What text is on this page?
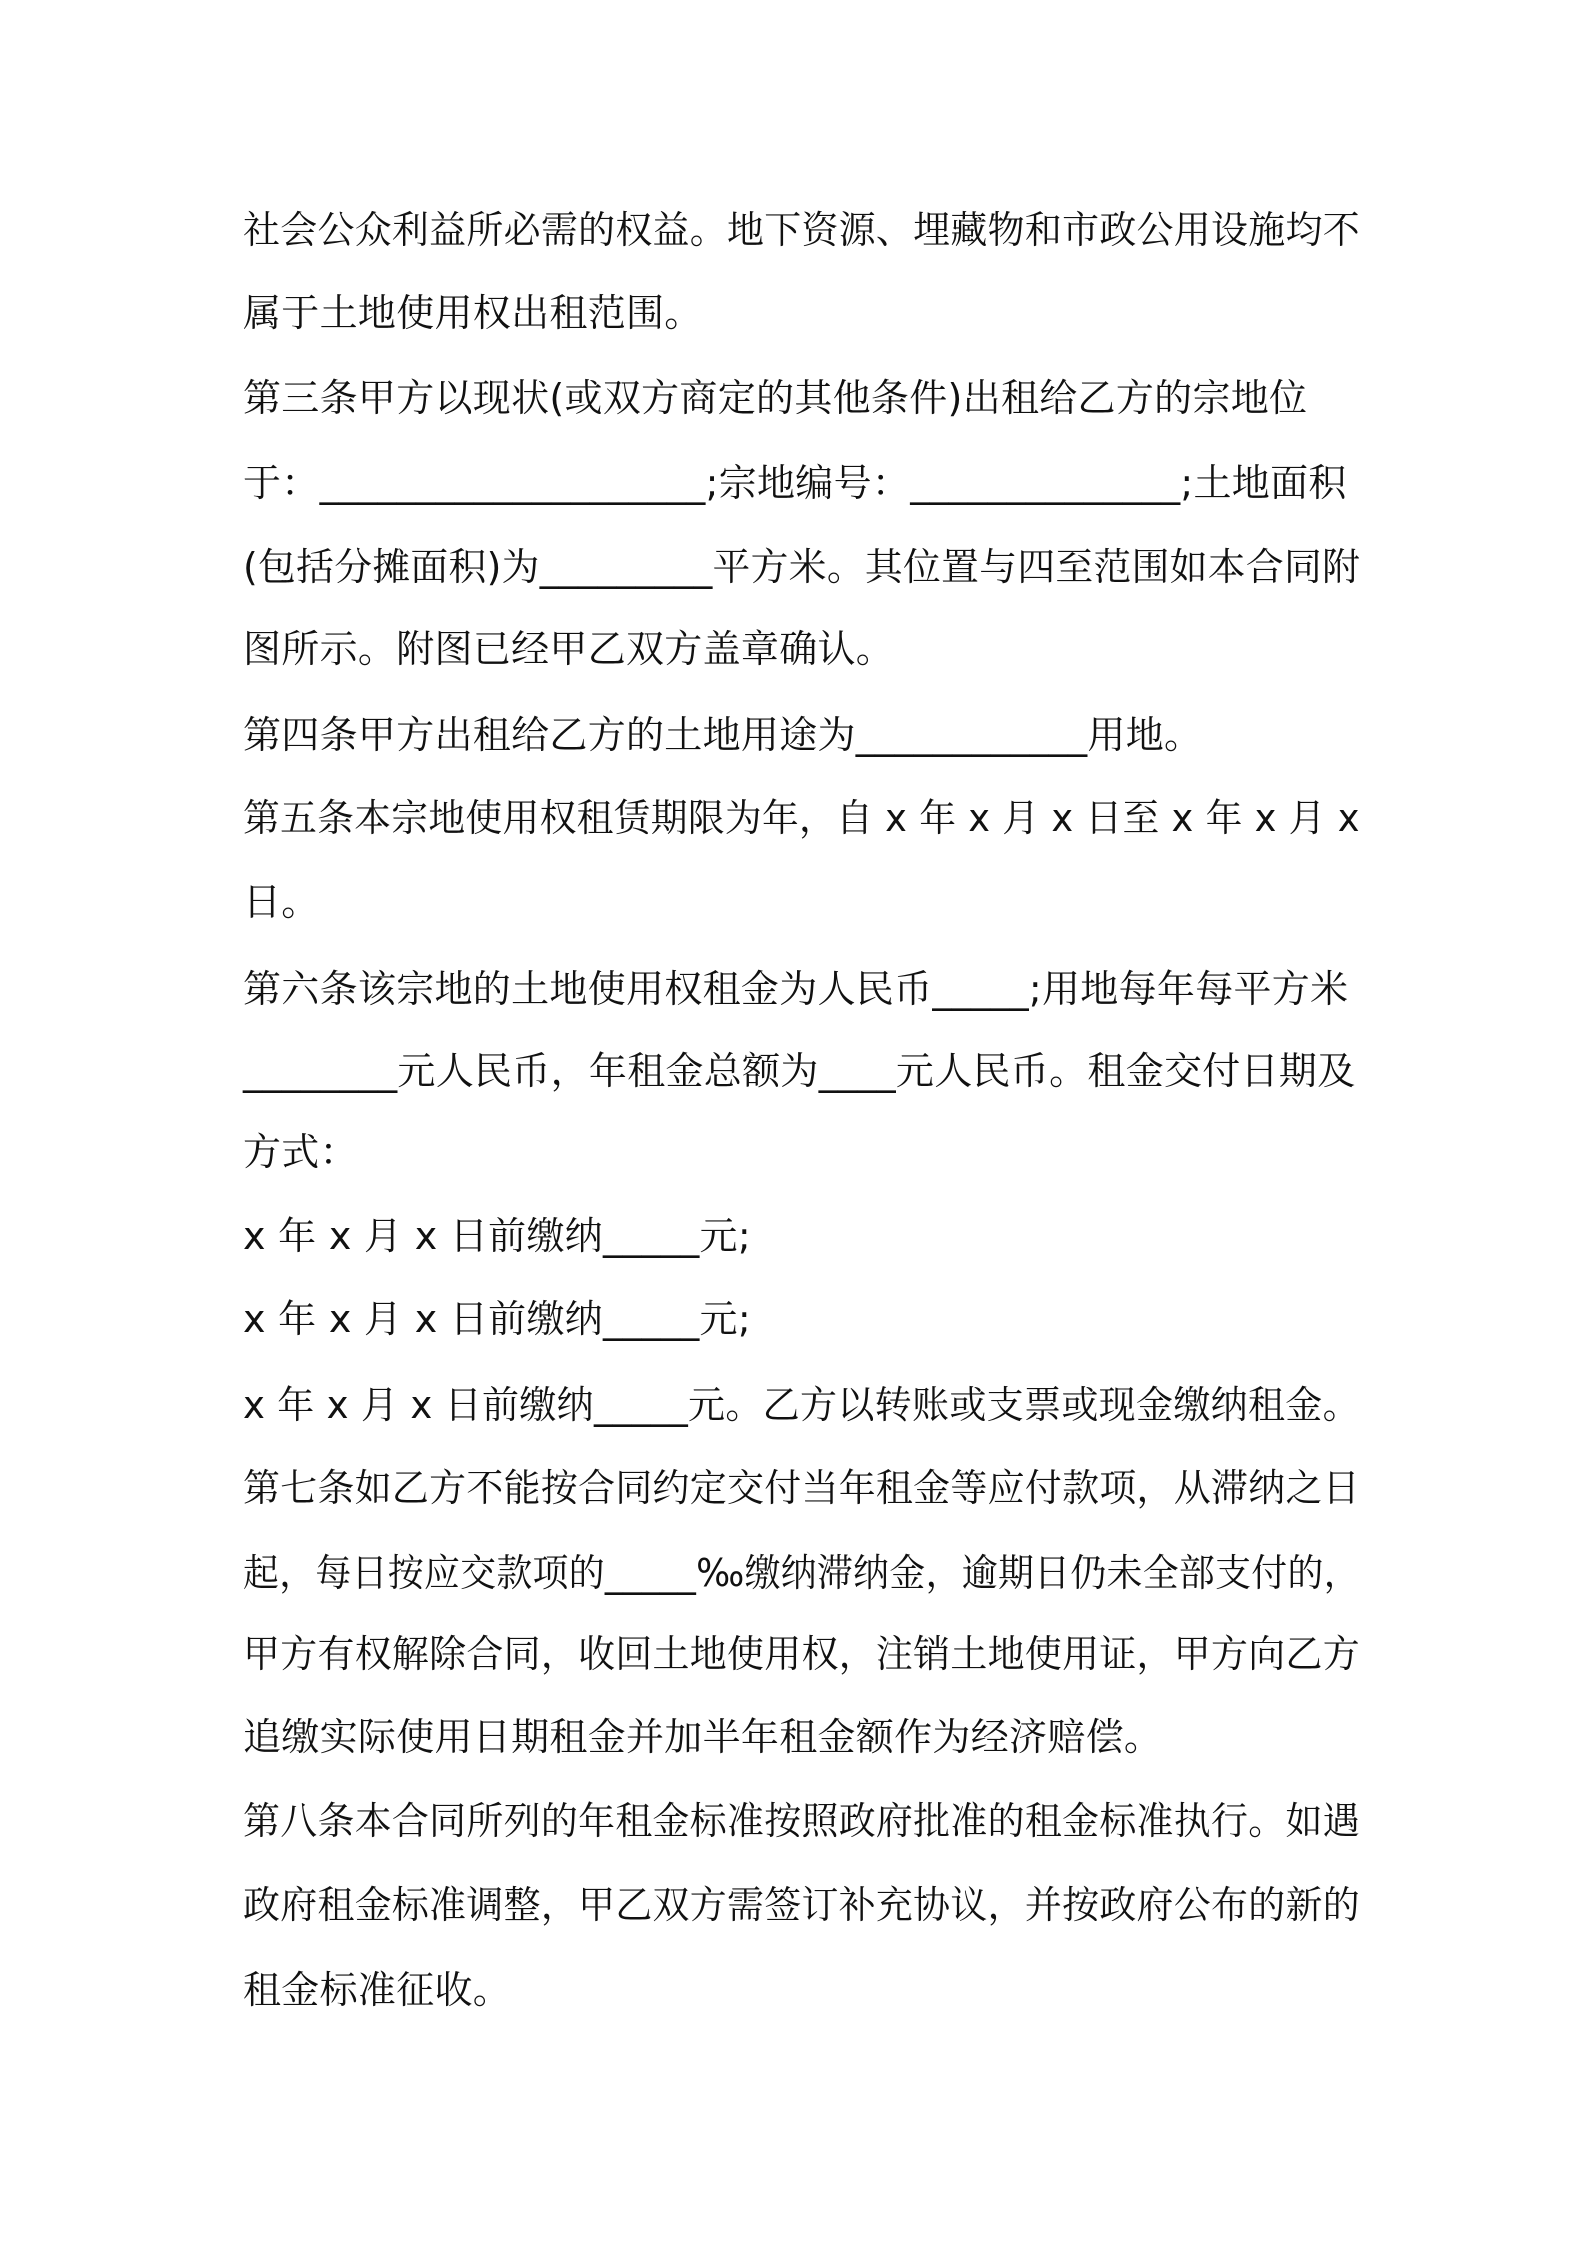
社会公众利益所必需的权益。地下资源、埋藏物和市政公用设施均不
属于土地使用权出租范围。
第三条甲方以现状(或双方商定的其他条件)出租给乙方的宗地位
于：____________________;宗地编号：______________;土地面积
(包括分摊面积)为_________平方米。其位置与四至范围如本合同附
图所示。附图已经甲乙双方盖章确认。
第四条甲方出租给乙方的土地用途为____________用地。
第五条本宗地使用权租赁期限为年，自 x 年 x 月 x 日至 x 年 x 月 x
日。
第六条该宗地的土地使用权租金为人民币_____;用地每年每平方米
________元人民币，年租金总额为____元人民币。租金交付日期及
方式：
x 年 x 月 x 日前缴纳_____元;
x 年 x 月 x 日前缴纳_____元;
x 年 x 月 x 日前缴纳_____元。乙方以转账或支票或现金缴纳租金。
第七条如乙方不能按合同约定交付当年租金等应付款项，从滞纳之日
起，每日按应交款项的_____‰缴纳滞纳金，逾期日仍未全部支付的，
甲方有权解除合同，收回土地使用权，注销土地使用证，甲方向乙方
追缴实际使用日期租金并加半年租金额作为经济赔偿。
第八条本合同所列的年租金标准按照政府批准的租金标准执行。如遇
政府租金标准调整，甲乙双方需签订补充协议，并按政府公布的新的
租金标准征收。
